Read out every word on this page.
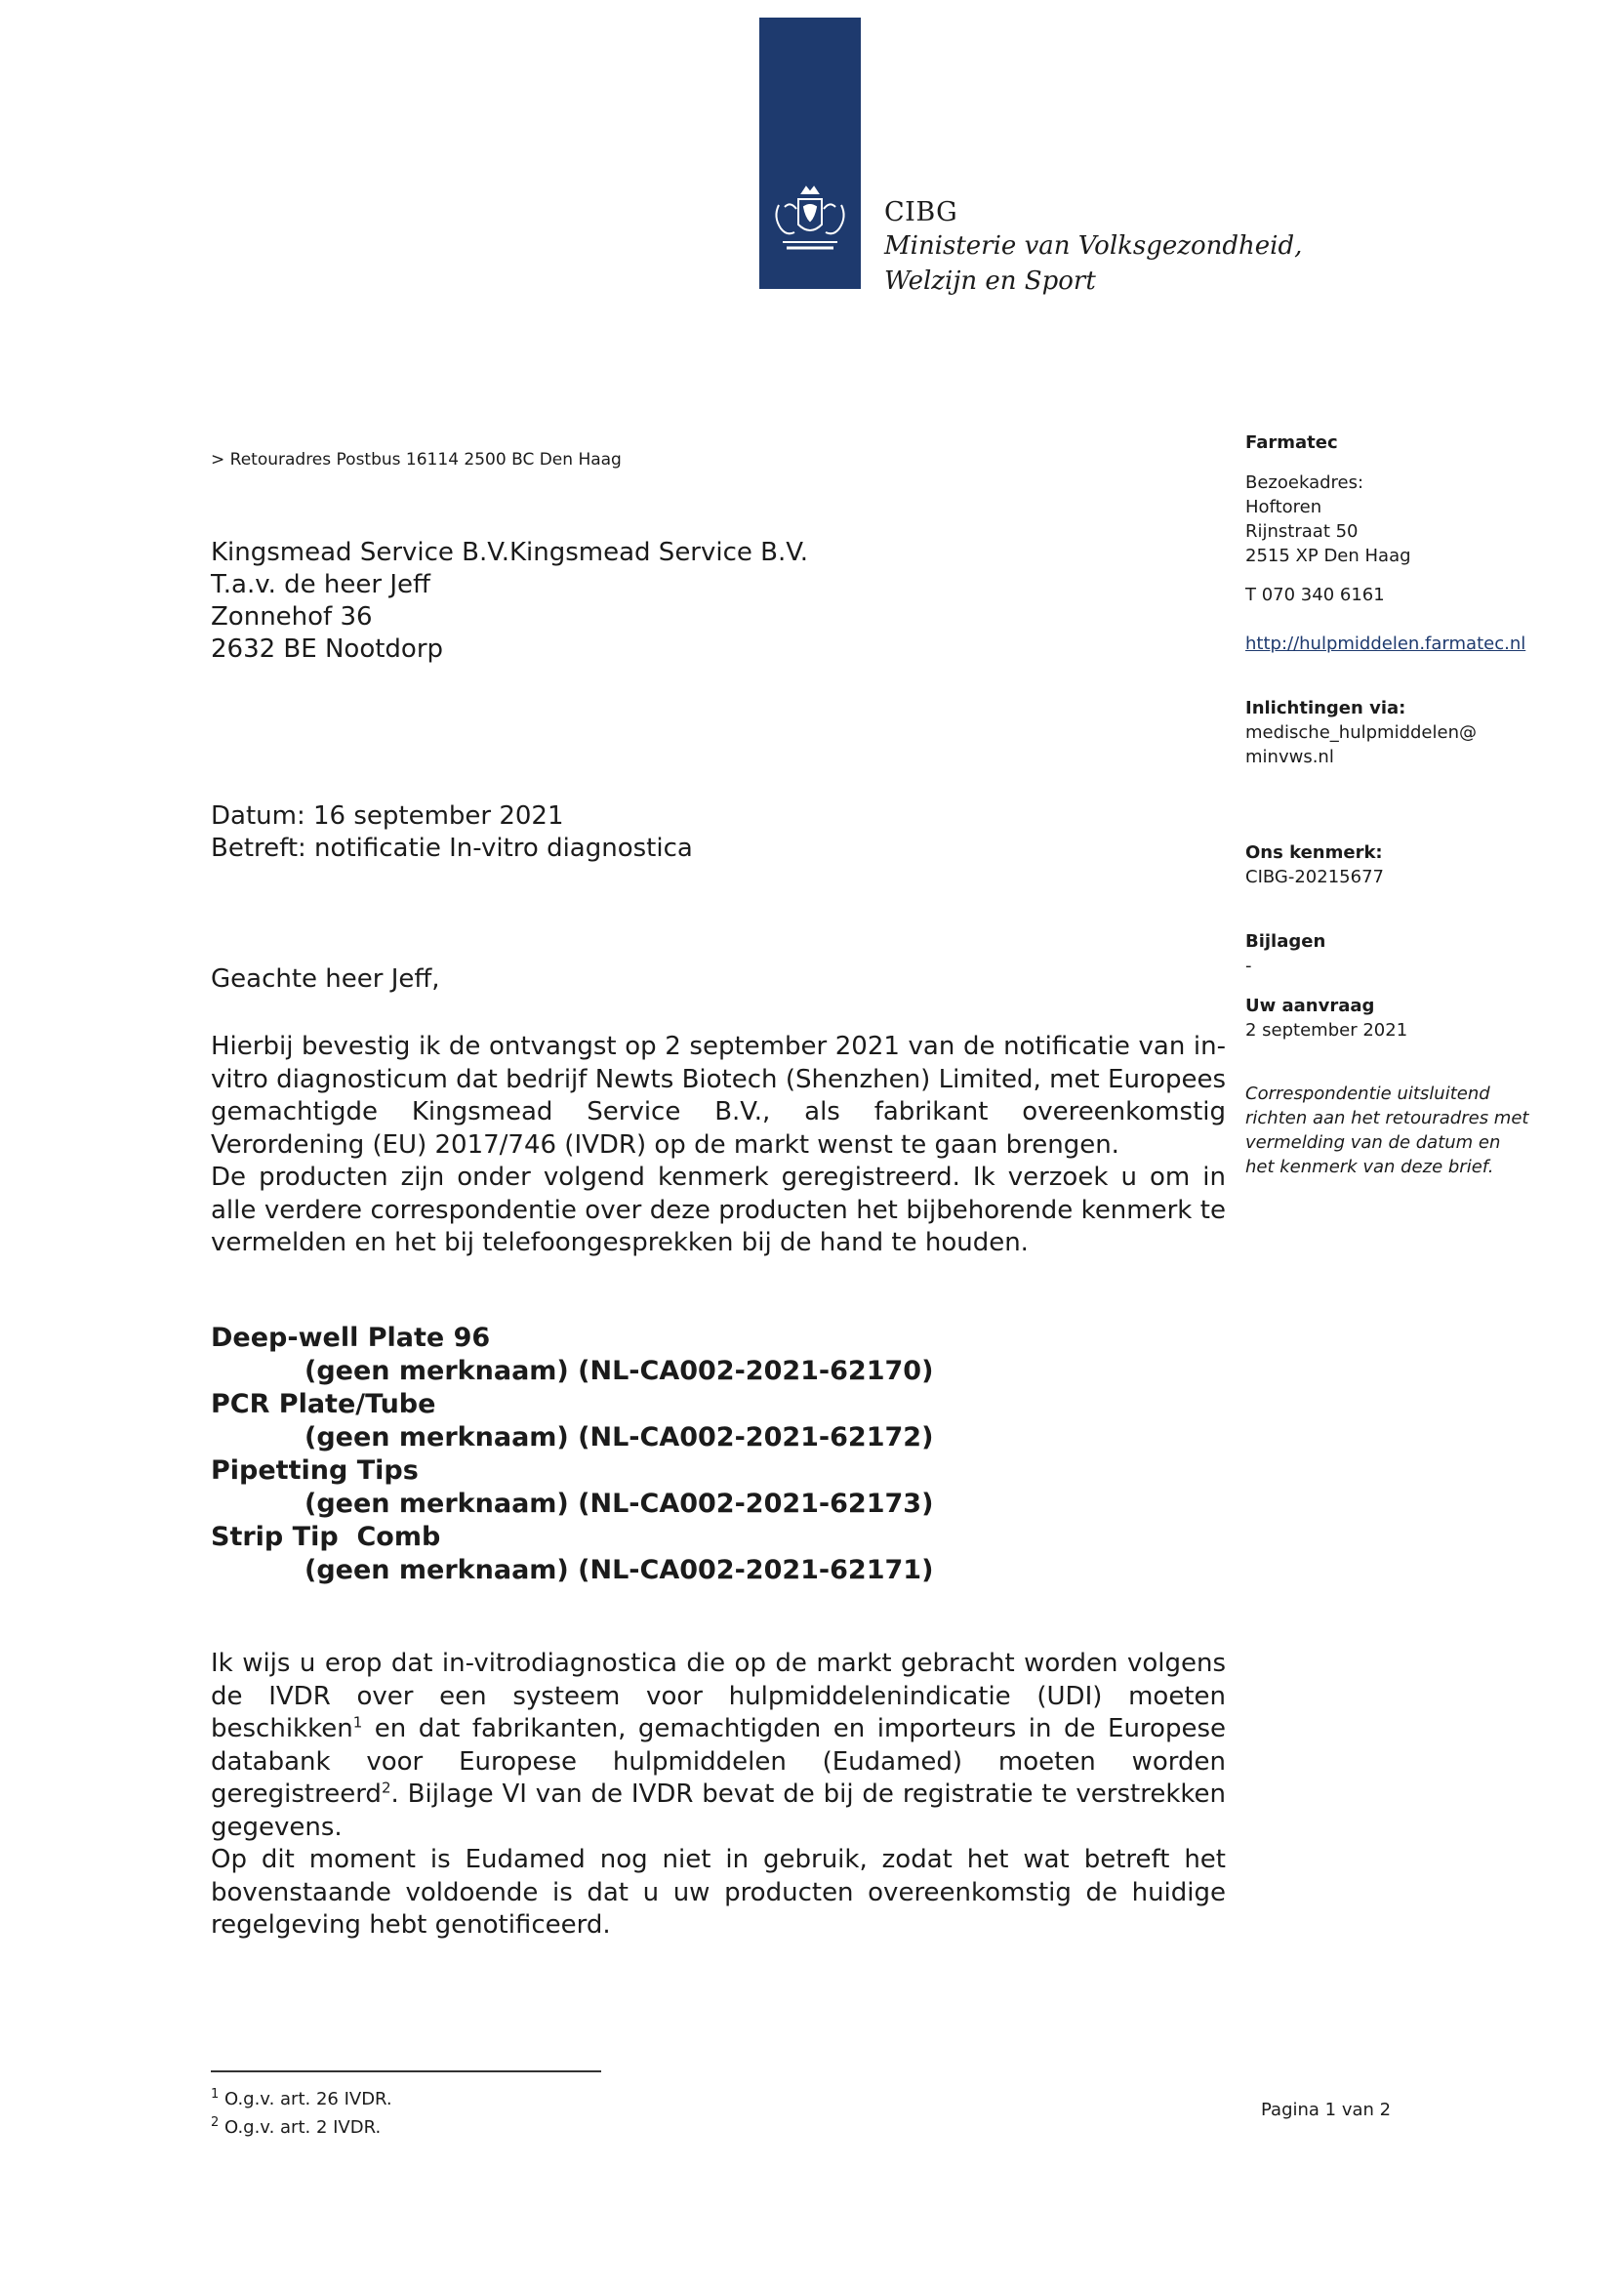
CIBG
Ministerie van Volksgezondheid,
Welzijn en Sport
> Retouradres Postbus 16114 2500 BC Den Haag
Kingsmead Service B.V.Kingsmead Service B.V.
T.a.v. de heer Jeff
Zonnehof 36
2632 BE Nootdorp
Datum: 16 september 2021
Betreft: notificatie In-vitro diagnostica
Geachte heer Jeff,

Hierbij bevestig ik de ontvangst op 2 september 2021 van de notificatie van in-vitro diagnosticum dat bedrijf Newts Biotech (Shenzhen) Limited, met Europees gemachtigde Kingsmead Service B.V., als fabrikant overeenkomstig Verordening (EU) 2017/746 (IVDR) op de markt wenst te gaan brengen.

De producten zijn onder volgend kenmerk geregistreerd. Ik verzoek u om in alle verdere correspondentie over deze producten het bijbehorende kenmerk te vermelden en het bij telefoongesprekken bij de hand te houden.

Deep-well Plate 96
(geen merknaam) (NL-CA002-2021-62170)
PCR Plate/Tube
(geen merknaam) (NL-CA002-2021-62172)
Pipetting Tips
(geen merknaam) (NL-CA002-2021-62173)
Strip Tip  Comb
(geen merknaam) (NL-CA002-2021-62171)

Ik wijs u erop dat in-vitrodiagnostica die op de markt gebracht worden volgens de IVDR over een systeem voor hulpmiddelenindicatie (UDI) moeten beschikken$^1$ en dat fabrikanten, gemachtigden en importeurs in de Europese databank voor Europese hulpmiddelen (Eudamed) moeten worden geregistreerd$^2$. Bijlage VI van de IVDR bevat de bij de registratie te verstrekken gegevens.

Op dit moment is Eudamed nog niet in gebruik, zodat het wat betreft het bovenstaande voldoende is dat u uw producten overeenkomstig de huidige regelgeving hebt genotificeerd.

$^1$ O.g.v. art. 26 IVDR.
$^2$ O.g.v. art. 2 IVDR.
Farmatec
Bezoekadres:
Hoftoren
Rijnstraat 50
2515 XP Den Haag
T 070 340 6161
http://hulpmiddelen.farmatec.nl
Inlichtingen via:
medische_hulpmiddelen@
minvws.nl
Ons kenmerk:
CIBG-20215677
Bijlagen
-
Uw aanvraag
2 september 2021
Correspondentie uitsluitend
richten aan het retouradres met
vermelding van de datum en
het kenmerk van deze brief.
Pagina 1 van 2
